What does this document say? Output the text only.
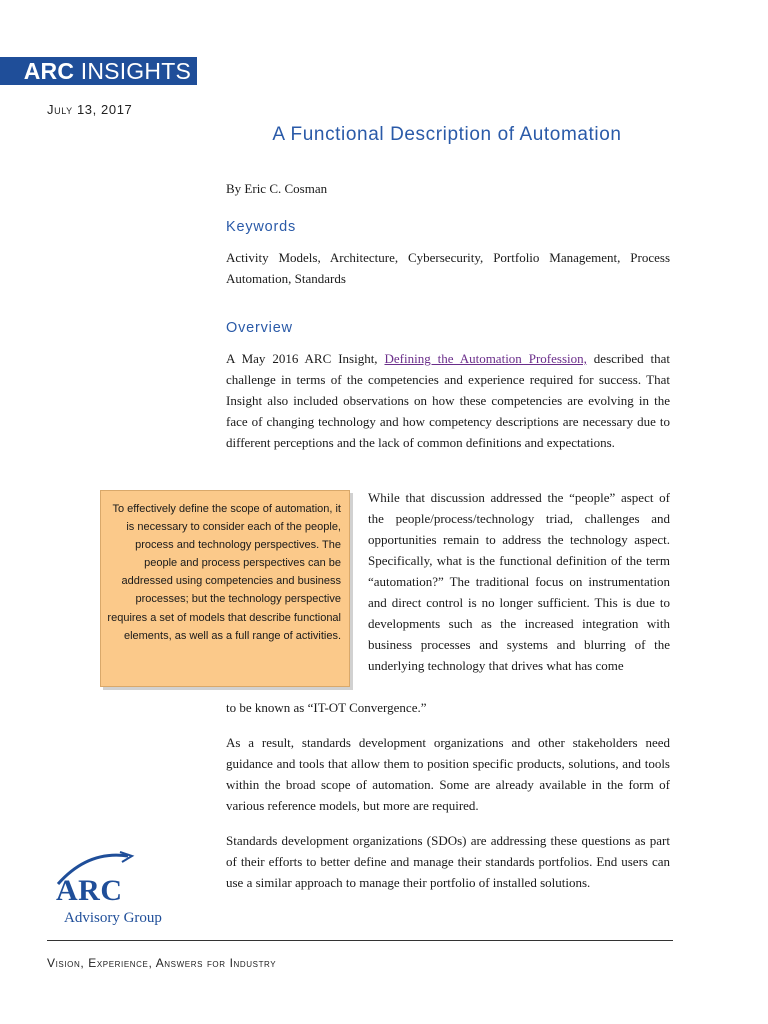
ARC INSIGHTS
July 13, 2017
A Functional Description of Automation
By Eric C. Cosman
Keywords

Activity Models, Architecture, Cybersecurity, Portfolio Management, Process Automation, Standards

Overview

A May 2016 ARC Insight, Defining the Automation Profession, described that challenge in terms of the competencies and experience required for success. That Insight also included observations on how these competencies are evolving in the face of changing technology and how competency descriptions are necessary due to different perceptions and the lack of common definitions and expectations.

To effectively define the scope of automation, it is necessary to consider each of the people, process and technology perspectives. The people and process perspectives can be addressed using competencies and business processes; but the technology perspective requires a set of models that describe functional elements, as well as a full range of activities.

While that discussion addressed the “people” aspect of the people/process/technology triad, challenges and opportunities remain to address the technology aspect. Specifically, what is the functional definition of the term “automation?” The traditional focus on instrumentation and direct control is no longer sufficient. This is due to developments such as the increased integration with business processes and systems and blurring of the underlying technology that drives what has come

to be known as “IT-OT Convergence.”

As a result, standards development organizations and other stakeholders need guidance and tools that allow them to position specific products, solutions, and tools within the broad scope of automation. Some are already available in the form of various reference models, but more are required.

Standards development organizations (SDOs) are addressing these questions as part of their efforts to better define and manage their standards portfolios. End users can use a similar approach to manage their portfolio of installed solutions.

ARC
Advisory Group
Vision, Experience, Answers for Industry
